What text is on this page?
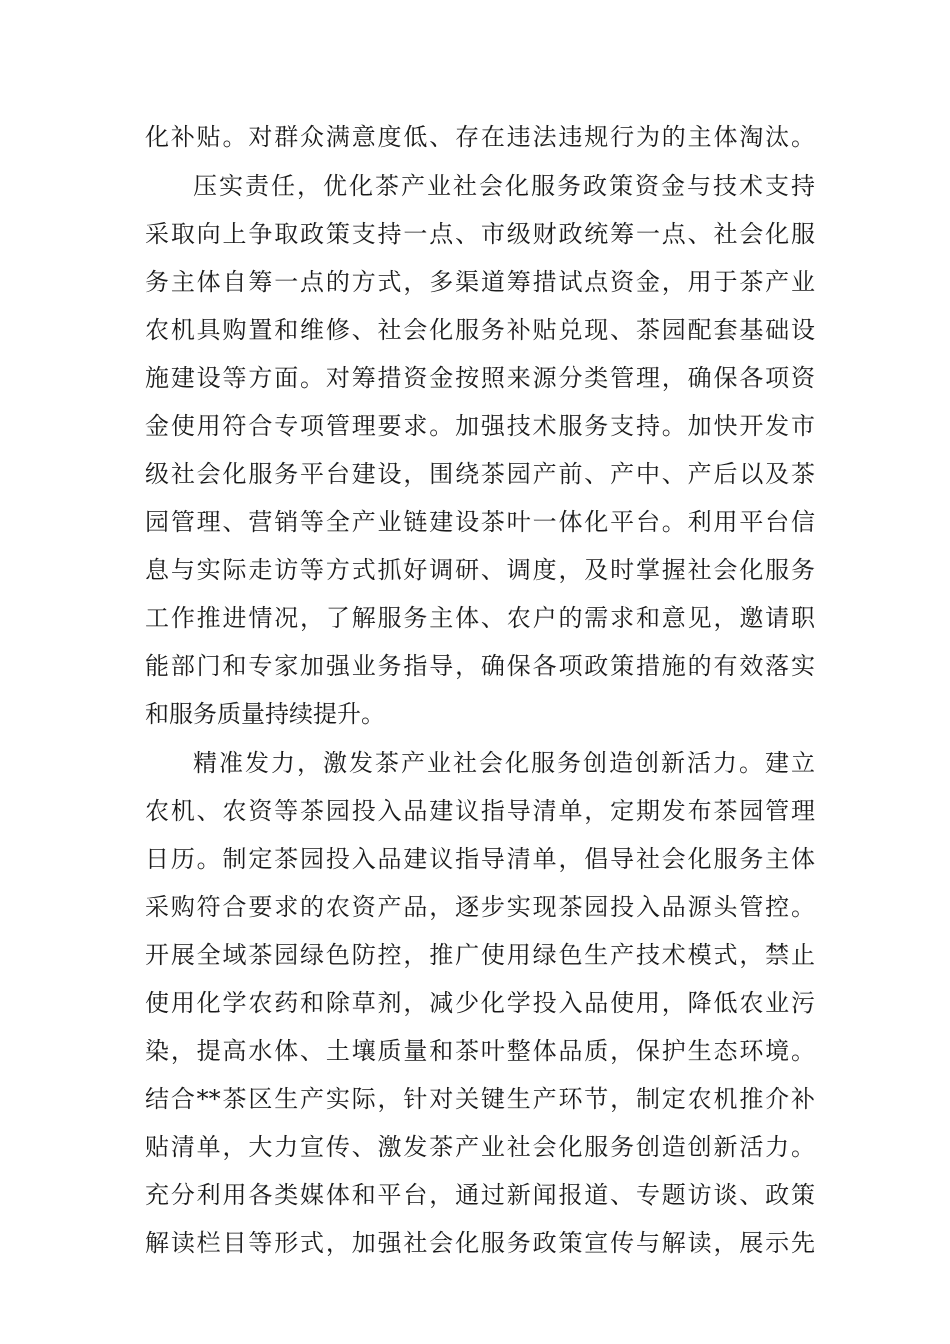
化补贴。对群众满意度低、存在违法违规行为的主体淘汰。
压实责任，优化茶产业社会化服务政策资金与技术支持
采取向上争取政策支持一点、市级财政统筹一点、社会化服
务主体自筹一点的方式，多渠道筹措试点资金，用于茶产业
农机具购置和维修、社会化服务补贴兑现、茶园配套基础设
施建设等方面。对筹措资金按照来源分类管理，确保各项资
金使用符合专项管理要求。加强技术服务支持。加快开发市
级社会化服务平台建设，围绕茶园产前、产中、产后以及茶
园管理、营销等全产业链建设茶叶一体化平台。利用平台信
息与实际走访等方式抓好调研、调度，及时掌握社会化服务
工作推进情况，了解服务主体、农户的需求和意见，邀请职
能部门和专家加强业务指导，确保各项政策措施的有效落实
和服务质量持续提升。
精准发力，激发茶产业社会化服务创造创新活力。建立
农机、农资等茶园投入品建议指导清单，定期发布茶园管理
日历。制定茶园投入品建议指导清单，倡导社会化服务主体
采购符合要求的农资产品，逐步实现茶园投入品源头管控。
开展全域茶园绿色防控，推广使用绿色生产技术模式，禁止
使用化学农药和除草剂，减少化学投入品使用，降低农业污
染，提高水体、土壤质量和茶叶整体品质，保护生态环境。
结合**茶区生产实际，针对关键生产环节，制定农机推介补
贴清单，大力宣传、激发茶产业社会化服务创造创新活力。
充分利用各类媒体和平台，通过新闻报道、专题访谈、政策
解读栏目等形式，加强社会化服务政策宣传与解读，展示先
